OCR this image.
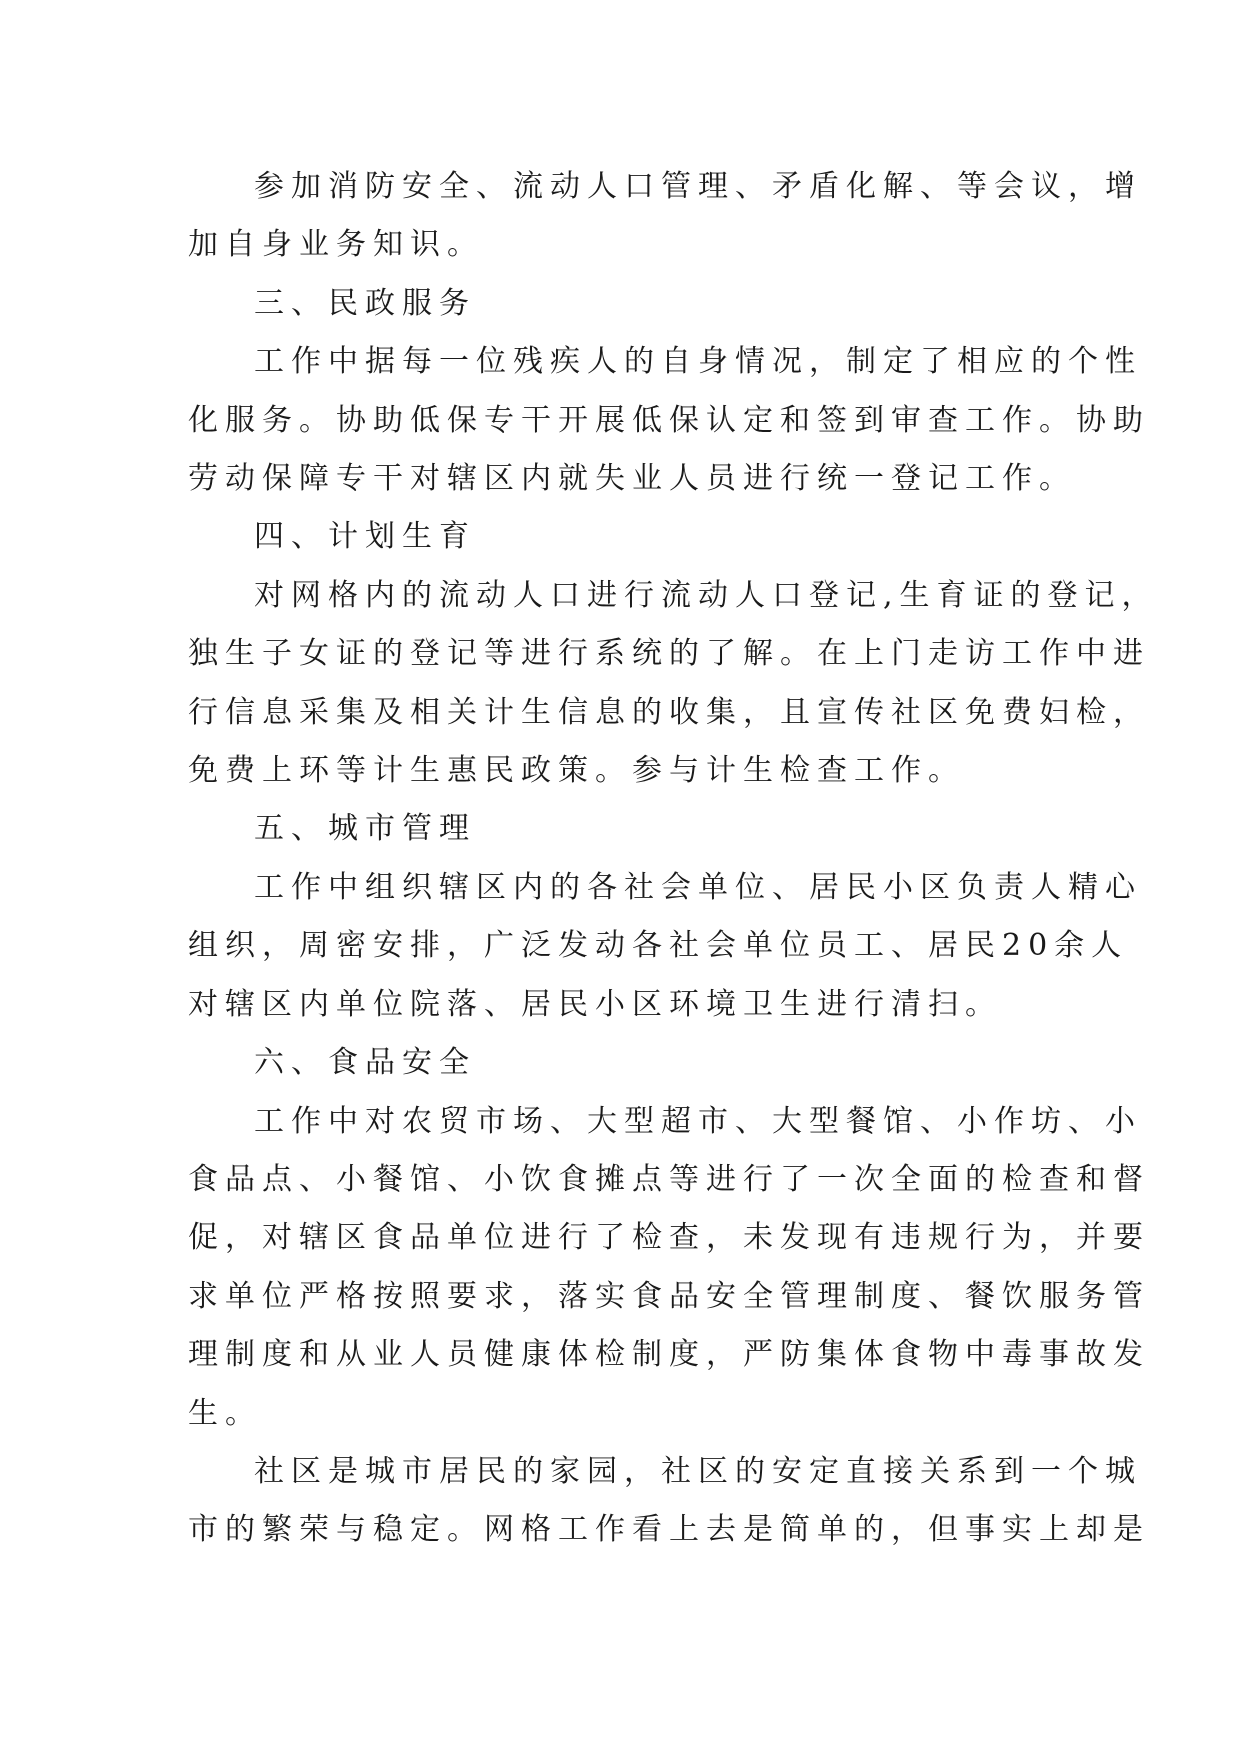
参加消防安全、流动人口管理、矛盾化解、等会议，增
加自身业务知识。
三、民政服务
工作中据每一位残疾人的自身情况，制定了相应的个性
化服务。协助低保专干开展低保认定和签到审查工作。协助
劳动保障专干对辖区内就失业人员进行统一登记工作。
四、计划生育
对网格内的流动人口进行流动人口登记,生育证的登记，
独生子女证的登记等进行系统的了解。在上门走访工作中进
行信息采集及相关计生信息的收集，且宣传社区免费妇检，
免费上环等计生惠民政策。参与计生检查工作。
五、城市管理
工作中组织辖区内的各社会单位、居民小区负责人精心
组织，周密安排，广泛发动各社会单位员工、居民20余人
对辖区内单位院落、居民小区环境卫生进行清扫。
六、食品安全
工作中对农贸市场、大型超市、大型餐馆、小作坊、小
食品点、小餐馆、小饮食摊点等进行了一次全面的检查和督
促，对辖区食品单位进行了检查，未发现有违规行为，并要
求单位严格按照要求，落实食品安全管理制度、餐饮服务管
理制度和从业人员健康体检制度，严防集体食物中毒事故发
生。
社区是城市居民的家园，社区的安定直接关系到一个城
市的繁荣与稳定。网格工作看上去是简单的，但事实上却是
